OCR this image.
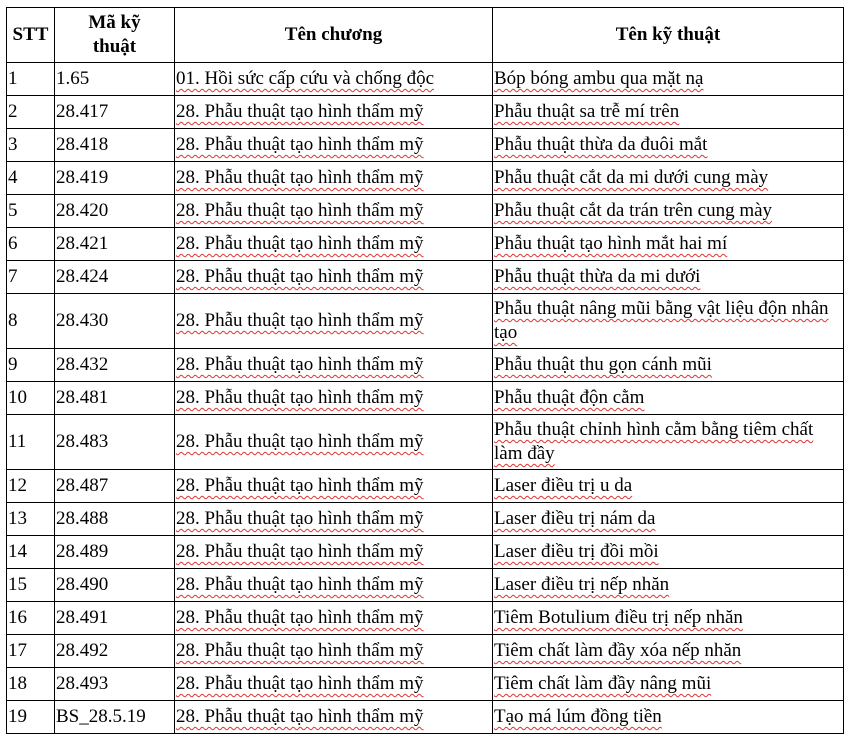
STT	Mã kỹ thuật	Tên chương	Tên kỹ thuật
1	1.65	01. Hồi sức cấp cứu và chống độc	Bóp bóng ambu qua mặt nạ
2	28.417	28. Phẫu thuật tạo hình thẩm mỹ	Phẫu thuật sa trễ mí trên
3	28.418	28. Phẫu thuật tạo hình thẩm mỹ	Phẫu thuật thừa da đuôi mắt
4	28.419	28. Phẫu thuật tạo hình thẩm mỹ	Phẫu thuật cắt da mi dưới cung mày
5	28.420	28. Phẫu thuật tạo hình thẩm mỹ	Phẫu thuật cắt da trán trên cung mày
6	28.421	28. Phẫu thuật tạo hình thẩm mỹ	Phẫu thuật tạo hình mắt hai mí
7	28.424	28. Phẫu thuật tạo hình thẩm mỹ	Phẫu thuật thừa da mi dưới
8	28.430	28. Phẫu thuật tạo hình thẩm mỹ	Phẫu thuật nâng mũi bằng vật liệu độn nhân tạo
9	28.432	28. Phẫu thuật tạo hình thẩm mỹ	Phẫu thuật thu gọn cánh mũi
10	28.481	28. Phẫu thuật tạo hình thẩm mỹ	Phẫu thuật độn cằm
11	28.483	28. Phẫu thuật tạo hình thẩm mỹ	Phẫu thuật chỉnh hình cằm bằng tiêm chất làm đầy
12	28.487	28. Phẫu thuật tạo hình thẩm mỹ	Laser điều trị u da
13	28.488	28. Phẫu thuật tạo hình thẩm mỹ	Laser điều trị nám da
14	28.489	28. Phẫu thuật tạo hình thẩm mỹ	Laser điều trị đồi mồi
15	28.490	28. Phẫu thuật tạo hình thẩm mỹ	Laser điều trị nếp nhăn
16	28.491	28. Phẫu thuật tạo hình thẩm mỹ	Tiêm Botulium điều trị nếp nhăn
17	28.492	28. Phẫu thuật tạo hình thẩm mỹ	Tiêm chất làm đầy xóa nếp nhăn
18	28.493	28. Phẫu thuật tạo hình thẩm mỹ	Tiêm chất làm đầy nâng mũi
19	BS_28.5.19	28. Phẫu thuật tạo hình thẩm mỹ	Tạo má lúm đồng tiền
